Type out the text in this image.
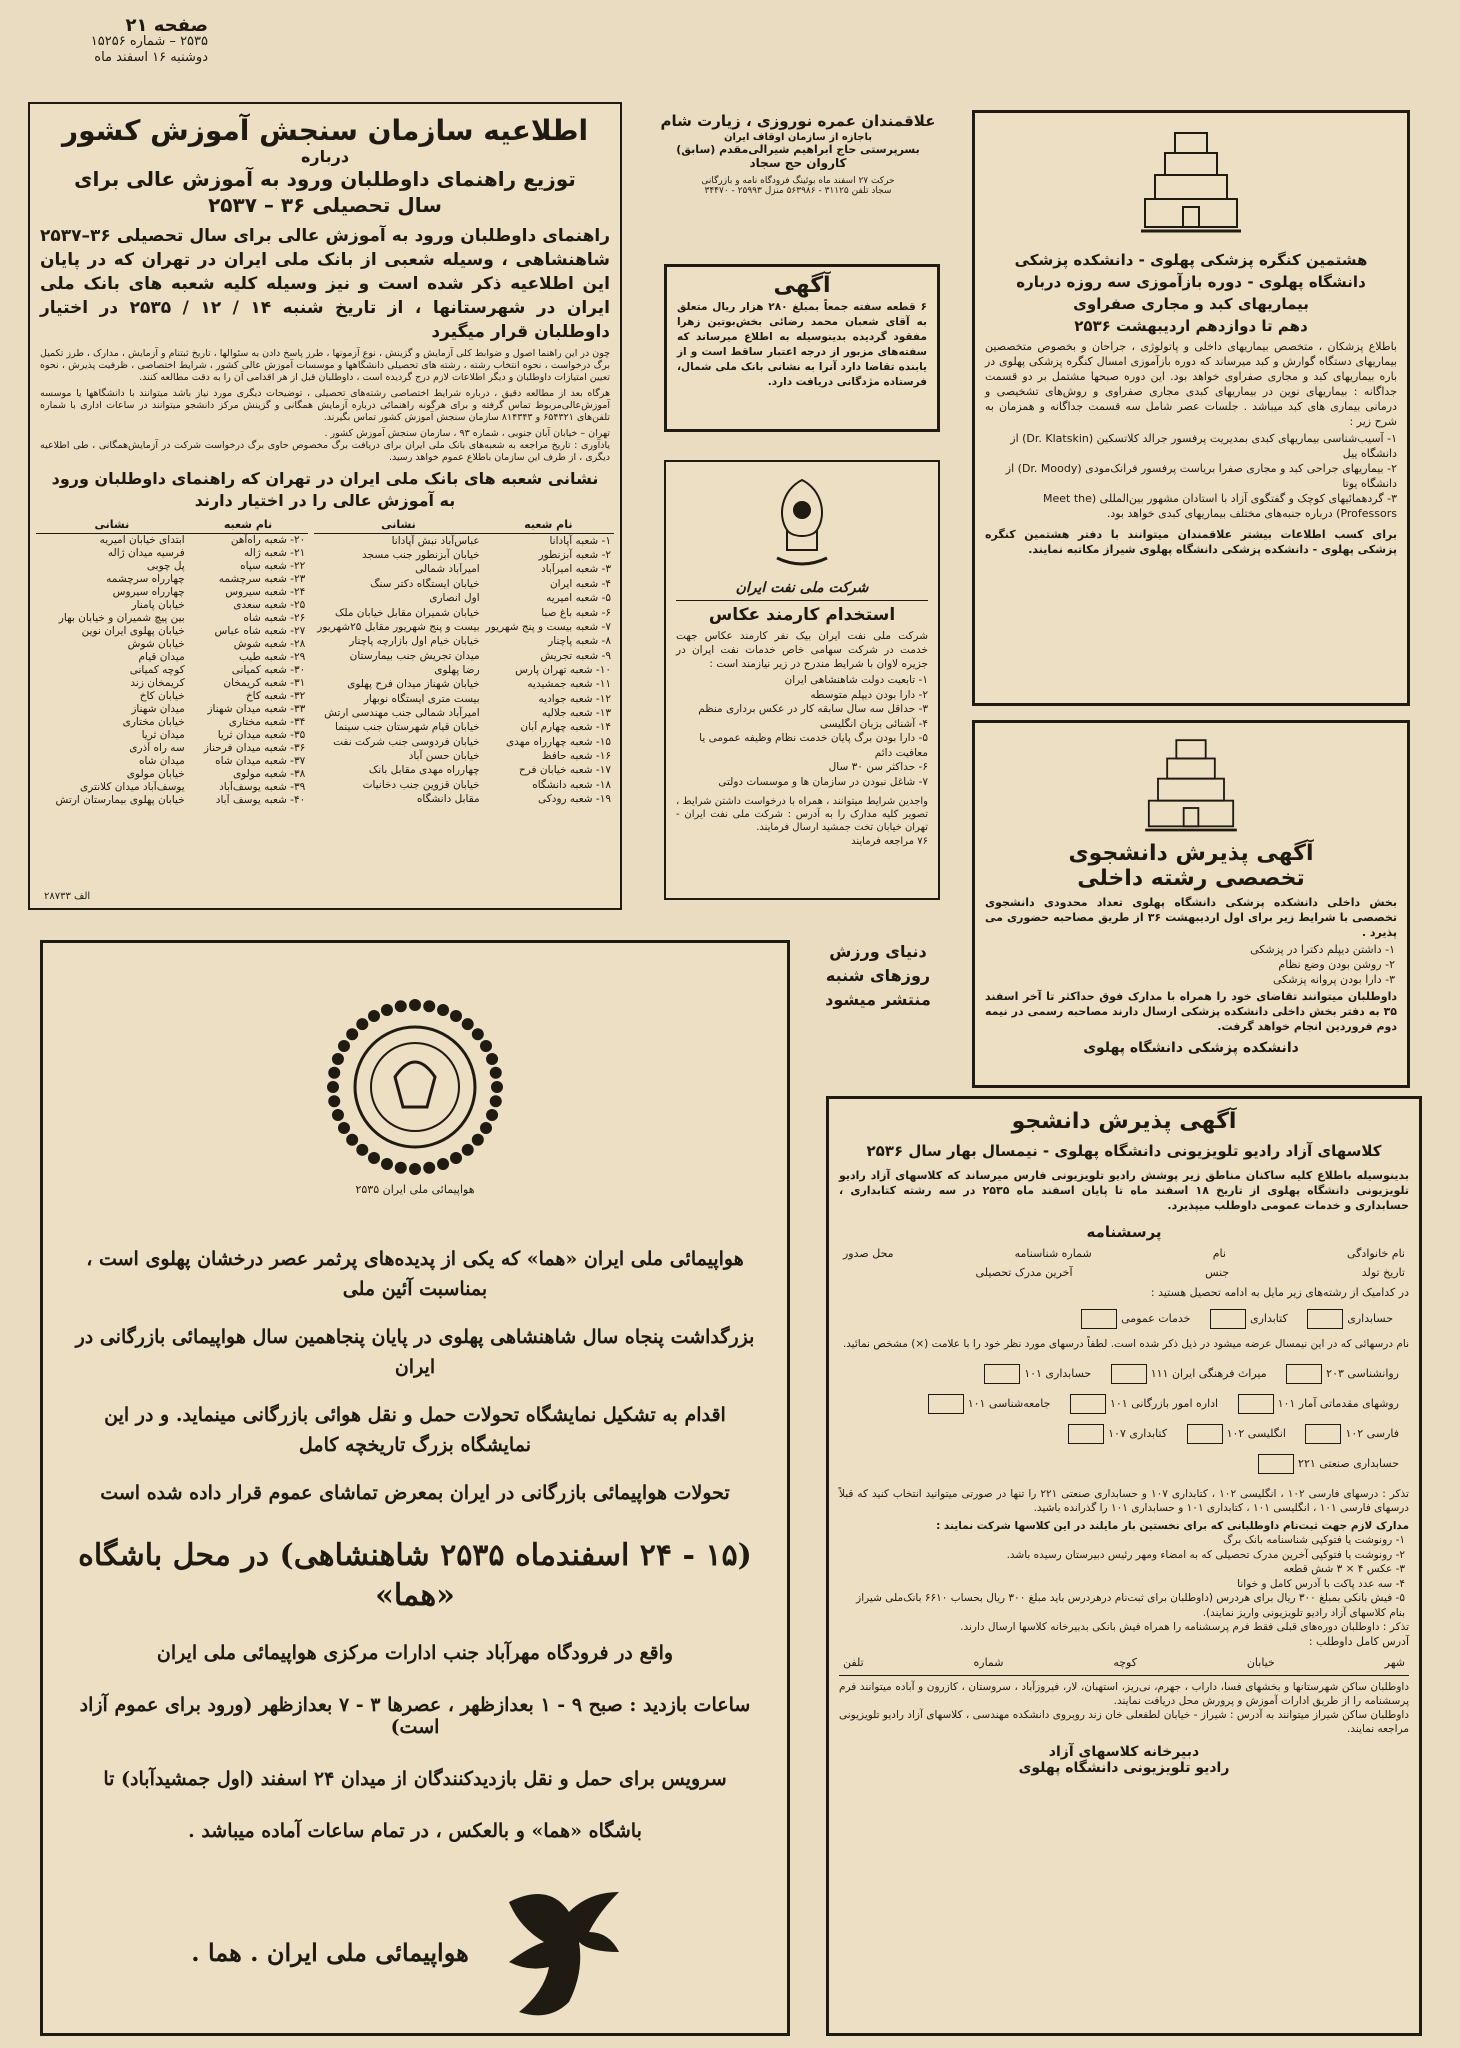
صفحه ۲۱
۲۵۳۵ – شماره ۱۵۲۵۶
دوشنبه ۱۶ اسفند ماه
اطلاعیه سازمان سنجش آموزش کشور
درباره
توزیع راهنمای داوطلبان ورود به آموزش عالی برای سال تحصیلی ۳۶ – ۲۵۳۷
راهنمای داوطلبان ورود به آموزش عالی برای سال تحصیلی ۳۶–۲۵۳۷ شاهنشاهی ، وسیله شعبی از بانک ملی ایران در تهران که در پایان این اطلاعیه ذکر شده است و نیز وسیله کلیه شعبه های بانک ملی ایران در شهرستانها ، از تاریخ شنبه ۱۴ / ۱۲ / ۲۵۳۵ در اختیار داوطلبان قرار میگیرد
چون در این راهنما اصول و ضوابط کلی آزمایش و گزینش ، نوع آزمونها ، طرز پاسخ دادن به سئوالها ، تاریخ ثبتنام و آزمایش ، مدارک ، طرز تکمیل برگ درخواست ، نحوه انتخاب رشته ، رشته های تحصیلی دانشگاهها و موسسات آموزش عالی کشور ، شرایط اختصاصی ، ظرفیت پذیرش ، نحوه تعیین امتیازات داوطلبان و دیگر اطلاعات لازم درج گردیده است ، داوطلبان قبل از هر اقدامی آن را به دقت مطالعه کنند.
هرگاه بعد از مطالعه دقیق ، درباره شرایط اختصاصی رشته‌های تحصیلی ، توضیحات دیگری مورد نیاز باشد میتوانند با دانشگاهها یا موسسه آموزش‌عالی‌مربوط تماس گرفته و برای هرگونه راهنمائی درباره آزمایش همگانی و گزینش مرکز دانشجو میتوانند در ساعات اداری با شماره تلفن‌های ۶۵۴۳۲۱ و ۸۱۴۳۴۳ سازمان سنجش آموزش کشور تماس بگیرند.
تهران – خیابان آبان جنوبی ، شماره ۹۳ ، سازمان سنجش آموزش کشور .
یادآوری : تاریخ مراجعه به شعبه‌های بانک ملی ایران برای دریافت برگ مخصوص حاوی برگ درخواست شرکت در آزمایش‌همگانی ، طی اطلاعیه دیگری ، از طرف این سازمان باطلاع عموم خواهد رسید.
نشانی شعبه های بانک ملی ایران در تهران که راهنمای داوطلبان ورود به آموزش عالی را در اختیار دارند
نام شعبه	نشانی
۱- شعبه آپادانا	عباس‌آباد نبش آپادانا
۲- شعبه آبزنطور	خیابان آبزنطور جنب مسجد
۳- شعبه امیرآباد	امیرآباد شمالی
۴- شعبه ایران	خیابان ایستگاه دکتر سنگ
۵- شعبه امیریه	اول انصاری
۶- شعبه باغ صبا	خیابان شمیران مقابل خیابان ملک
۷- شعبه بیست و پنج شهریور	بیست و پنج شهریور مقابل ۲۵شهریور
۸- شعبه پاچنار	خیابان خیام اول بازارچه پاچنار
۹- شعبه تجریش	میدان تجریش جنب بیمارستان
۱۰- شعبه تهران پارس	رضا پهلوی
۱۱- شعبه جمشیدیه	خیابان شهناز میدان فرح پهلوی
۱۲- شعبه جوادیه	بیست متری ایستگاه نوبهار
۱۳- شعبه جلالیه	امیرآباد شمالی جنب مهندسی ارتش
۱۴- شعبه چهارم آبان	خیابان قیام شهرستان جنب سینما
۱۵- شعبه چهارراه مهدی	خیابان فردوسی جنب شرکت نفت
۱۶- شعبه حافظ	خیابان حسن آباد
۱۷- شعبه خیابان فرح	چهارراه مهدی مقابل بانک
۱۸- شعبه دانشگاه	خیابان قزوین جنب دخانیات
۱۹- شعبه رودکی	مقابل دانشگاه
نام شعبه	نشانی
۲۰- شعبه راه‌آهن	ابتدای خیابان امیریه
۲۱- شعبه ژاله	فرسیه میدان ژاله
۲۲- شعبه سپاه	پل چوبی
۲۳- شعبه سرچشمه	چهارراه سرچشمه
۲۴- شعبه سیروس	چهارراه سیروس
۲۵- شعبه سعدی	خیابان پامنار
۲۶- شعبه شاه	بین پیچ شمیران و خیابان بهار
۲۷- شعبه شاه عباس	خیابان پهلوی ایران نوین
۲۸- شعبه شوش	خیابان شوش
۲۹- شعبه طیب	میدان قیام
۳۰- شعبه کمیانی	کوچه کمیانی
۳۱- شعبه کریمخان	کریمخان زند
۳۲- شعبه کاخ	خیابان کاخ
۳۳- شعبه میدان شهناز	میدان شهناز
۳۴- شعبه مختاری	خیابان مختاری
۳۵- شعبه میدان ثریا	میدان ثریا
۳۶- شعبه میدان فرحناز	سه راه آذری
۳۷- شعبه میدان شاه	میدان شاه
۳۸- شعبه مولوی	خیابان مولوی
۳۹- شعبه یوسف‌آباد	یوسف‌آباد میدان کلانتری
۴۰- شعبه یوسف آباد	خیابان پهلوی بیمارستان ارتش
الف ۲۸۷۳۳
علاقمندان عمره نوروزی ، زیارت شام
باجازه از سازمان اوقاف ایران
بسرپرستی حاج ابراهیم شیرالی‌مقدم (سابق)
کاروان حج سجاد
حرکت ۲۷ اسفند ماه بوئینگ فرودگاه نامه و بازرگانی
سجاد تلفن ۳۱۱۲۵ - ۵۶۳۹۸۶ منزل ۲۵۹۹۳ - ۳۴۴۷۰
آگهی
۶ قطعه سفته جمعاً بمبلغ ۲۸۰ هزار ریال متعلق به آقای شعبان محمد رضائی بخش‌بوتین زهرا مفقود گردیده بدینوسیله به اطلاع میرساند که سفته‌های مزبور از درجه اعتبار ساقط است و از یابنده تقاضا دارد آنرا به نشانی بانک ملی شمال، فرستاده مژدگانی دریافت دارد.
شرکت ملی نفت ایران
استخدام کارمند عکاس
شرکت ملی نفت ایران بیک نفر کارمند عکاس جهت خدمت در شرکت سهامی خاص خدمات نفت ایران در جزیره لاوان با شرایط مندرج در زیر نیازمند است :
۱- تابعیت دولت شاهنشاهی ایران
۲- دارا بودن دیپلم متوسطه
۳- حداقل سه سال سابقه کار در عکس برداری منظم
۴- آشنائی بزبان انگلیسی
۵- دارا بودن برگ پایان خدمت نظام وظیفه عمومی یا معافیت دائم
۶- حداکثر سن ۳۰ سال
۷- شاغل نبودن در سازمان ها و موسسات دولتی
واجدین شرایط میتوانند ، همراه با درخواست داشتن شرایط ، تصویر کلیه مدارک را به آدرس : شرکت ملی نفت ایران - تهران خیابان تخت جمشید ارسال فرمایند.
۷۶ مراجعه فرمایند
هشتمین کنگره پزشکی پهلوی - دانشکده پزشکی دانشگاه پهلوی - دوره بازآموزی سه روزه درباره بیماریهای کبد و مجاری صفراوی
دهم تا دوازدهم اردیبهشت ۲۵۳۶
باطلاع پزشکان ، متخصص بیماریهای داخلی و پاتولوژی ، جراحان و بخصوص متخصصین بیماریهای دستگاه گوارش و کبد میرساند که دوره بازآموزی امسال کنگره پزشکی پهلوی در باره بیماریهای کبد و مجاری صفراوی خواهد بود. این دوره صبحها مشتمل بر دو قسمت جداگانه : بیماریهای نوین در بیماریهای کبدی مجاری صفراوی و روش‌های تشخیصی و درمانی بیماری های کبد میباشد . جلسات عصر شامل سه قسمت جداگانه و همزمان به شرح زیر :
۱- آسیب‌شناسی بیماریهای کبدی بمدیریت پرفسور جرالد کلاتسکین (Dr. Klatskin) از دانشگاه ییل
۲- بیماریهای جراحی کبد و مجاری صفرا بریاست پرفسور فرانک‌مودی (Dr. Moody) از دانشگاه یوتا
۳- گردهمائیهای کوچک و گفتگوی آزاد با استادان مشهور بین‌المللی (Meet the Professors) درباره جنبه‌های مختلف بیماریهای کبدی خواهد بود.
برای کسب اطلاعات بیشتر علاقمندان میتوانند با دفتر هشتمین کنگره پزشکی پهلوی - دانشکده پزشکی دانشگاه پهلوی شیراز مکاتبه نمایند.
آگهی پذیرش دانشجوی
تخصصی رشته داخلی
بخش داخلی دانشکده پزشکی دانشگاه پهلوی تعداد محدودی دانشجوی تخصصی با شرایط زیر برای اول اردیبهشت ۳۶ از طریق مصاحبه حضوری می پذیرد .
۱- داشتن دیپلم دکترا در پزشکی
۲- روشن بودن وضع نظام
۳- دارا بودن پروانه پزشکی
داوطلبان میتوانند تقاضای خود را همراه با مدارک فوق حداکثر تا آخر اسفند ۳۵ به دفتر بخش داخلی دانشکده پزشکی ارسال دارند مصاحبه رسمی در نیمه دوم فروردین انجام خواهد گرفت.
دانشکده پزشکی دانشگاه پهلوی
دنیای ورزش
روزهای شنبه
منتشر میشود
هواپیمائی ملی ایران ۲۵۳۵
هواپیمائی ملی ایران «هما» که یکی از پدیده‌های پرثمر عصر درخشان پهلوی است ، بمناسبت آئین ملی
بزرگداشت پنجاه سال شاهنشاهی پهلوی در پایان پنجاهمین سال هواپیمائی بازرگانی در ایران
اقدام به تشکیل نمایشگاه تحولات حمل و نقل هوائی بازرگانی مینماید. و در این نمایشگاه بزرگ تاریخچه کامل
تحولات هواپیمائی بازرگانی در ایران بمعرض تماشای عموم قرار داده شده است
(۱۵ - ۲۴ اسفندماه ۲۵۳۵ شاهنشاهی) در محل باشگاه «هما»
واقع در فرودگاه مهرآباد جنب ادارات مرکزی هواپیمائی ملی ایران
ساعات بازدید : صبح ۹ - ۱ بعدازظهر ، عصرها ۳ - ۷ بعدازظهر (ورود برای عموم آزاد است)
سرویس برای حمل و نقل بازدیدکنندگان از میدان ۲۴ اسفند (اول جمشیدآباد) تا
باشگاه «هما» و بالعکس ، در تمام ساعات آماده میباشد .
هواپیمائی ملی ایران . هما .
آگهی پذیرش دانشجو
کلاسهای آزاد رادیو تلویزیونی دانشگاه پهلوی - نیمسال بهار سال ۲۵۳۶
بدینوسیله باطلاع کلیه ساکنان مناطق زیر پوشش رادیو تلویزیونی فارس میرساند که کلاسهای آزاد رادیو تلویزیونی دانشگاه پهلوی از تاریخ ۱۸ اسفند ماه تا پایان اسفند ماه ۲۵۳۵ در سه رشته کتابداری ، حسابداری و خدمات عمومی داوطلب میپذیرد.
پرسشنامه
نام خانوادگی
نام
شماره شناسنامه
محل صدور
تاریخ تولد
جنس
آخرین مدرک تحصیلی
در کدامیک از رشته‌های زیر مایل به ادامه تحصیل هستید :
حسابداری کتابداری خدمات عمومی
نام درسهائی که در این نیمسال عرضه میشود در ذیل ذکر شده است. لطفاً درسهای مورد نظر خود را با علامت (×) مشخص نمائید.
روانشناسی ۲۰۳ میراث فرهنگی ایران ۱۱۱ حسابداری ۱۰۱
روشهای مقدماتی آمار ۱۰۱ اداره امور بازرگانی ۱۰۱ جامعه‌شناسی ۱۰۱
فارسی ۱۰۲ انگلیسی ۱۰۲ کتابداری ۱۰۷
حسابداری صنعتی ۲۲۱
تذکر : درسهای فارسی ۱۰۲ ، انگلیسی ۱۰۲ ، کتابداری ۱۰۷ و حسابداری صنعتی ۲۲۱ را تنها در صورتی میتوانید انتخاب کنید که قبلاً درسهای فارسی ۱۰۱ ، انگلیسی ۱۰۱ ، کتابداری ۱۰۱ و حسابداری ۱۰۱ را گذرانده باشید.
مدارک لازم جهت ثبت‌نام داوطلبانی که برای نخستین بار مایلند در این کلاسها شرکت نمایند :
۱- رونوشت یا فتوکپی شناسنامه بانک برگ
۲- رونوشت یا فتوکپی آخرین مدرک تحصیلی که به امضاء ومهر رئیس دبیرستان رسیده باشد.
۳- عکس ۴ × ۳ شش قطعه
۴- سه عدد پاکت با آدرس کامل و خوانا
۵- فیش بانکی بمبلغ ۳۰۰ ریال برای هردرس (داوطلبان برای ثبت‌نام درهردرس باید مبلغ ۳۰۰ ریال بحساب ۶۶۱۰ بانک‌ملی شیراز بنام کلاسهای آزاد رادیو تلویزیونی واریز نمایند).
تذکر : داوطلبان دوره‌های قبلی فقط فرم پرسشنامه را همراه فیش بانکی بدبیرخانه کلاسها ارسال دارند.
آدرس کامل داوطلب :
شهر
خیابان
کوچه
شماره
تلفن
داوطلبان ساکن شهرستانها و بخشهای فسا، داراب ، جهرم، نی‌ریز، استهبان، لار، فیروزآباد ، سروستان ، کازرون و آباده میتوانند فرم پرسشنامه را از طریق ادارات آموزش و پرورش محل دریافت نمایند.
داوطلبان ساکن شیراز میتوانند به آدرس : شیراز - خیابان لطفعلی خان زند روبروی دانشکده مهندسی ، کلاسهای آزاد رادیو تلویزیونی مراجعه نمایند.
دبیرخانه کلاسهای آزاد
رادیو تلویزیونی دانشگاه پهلوی
